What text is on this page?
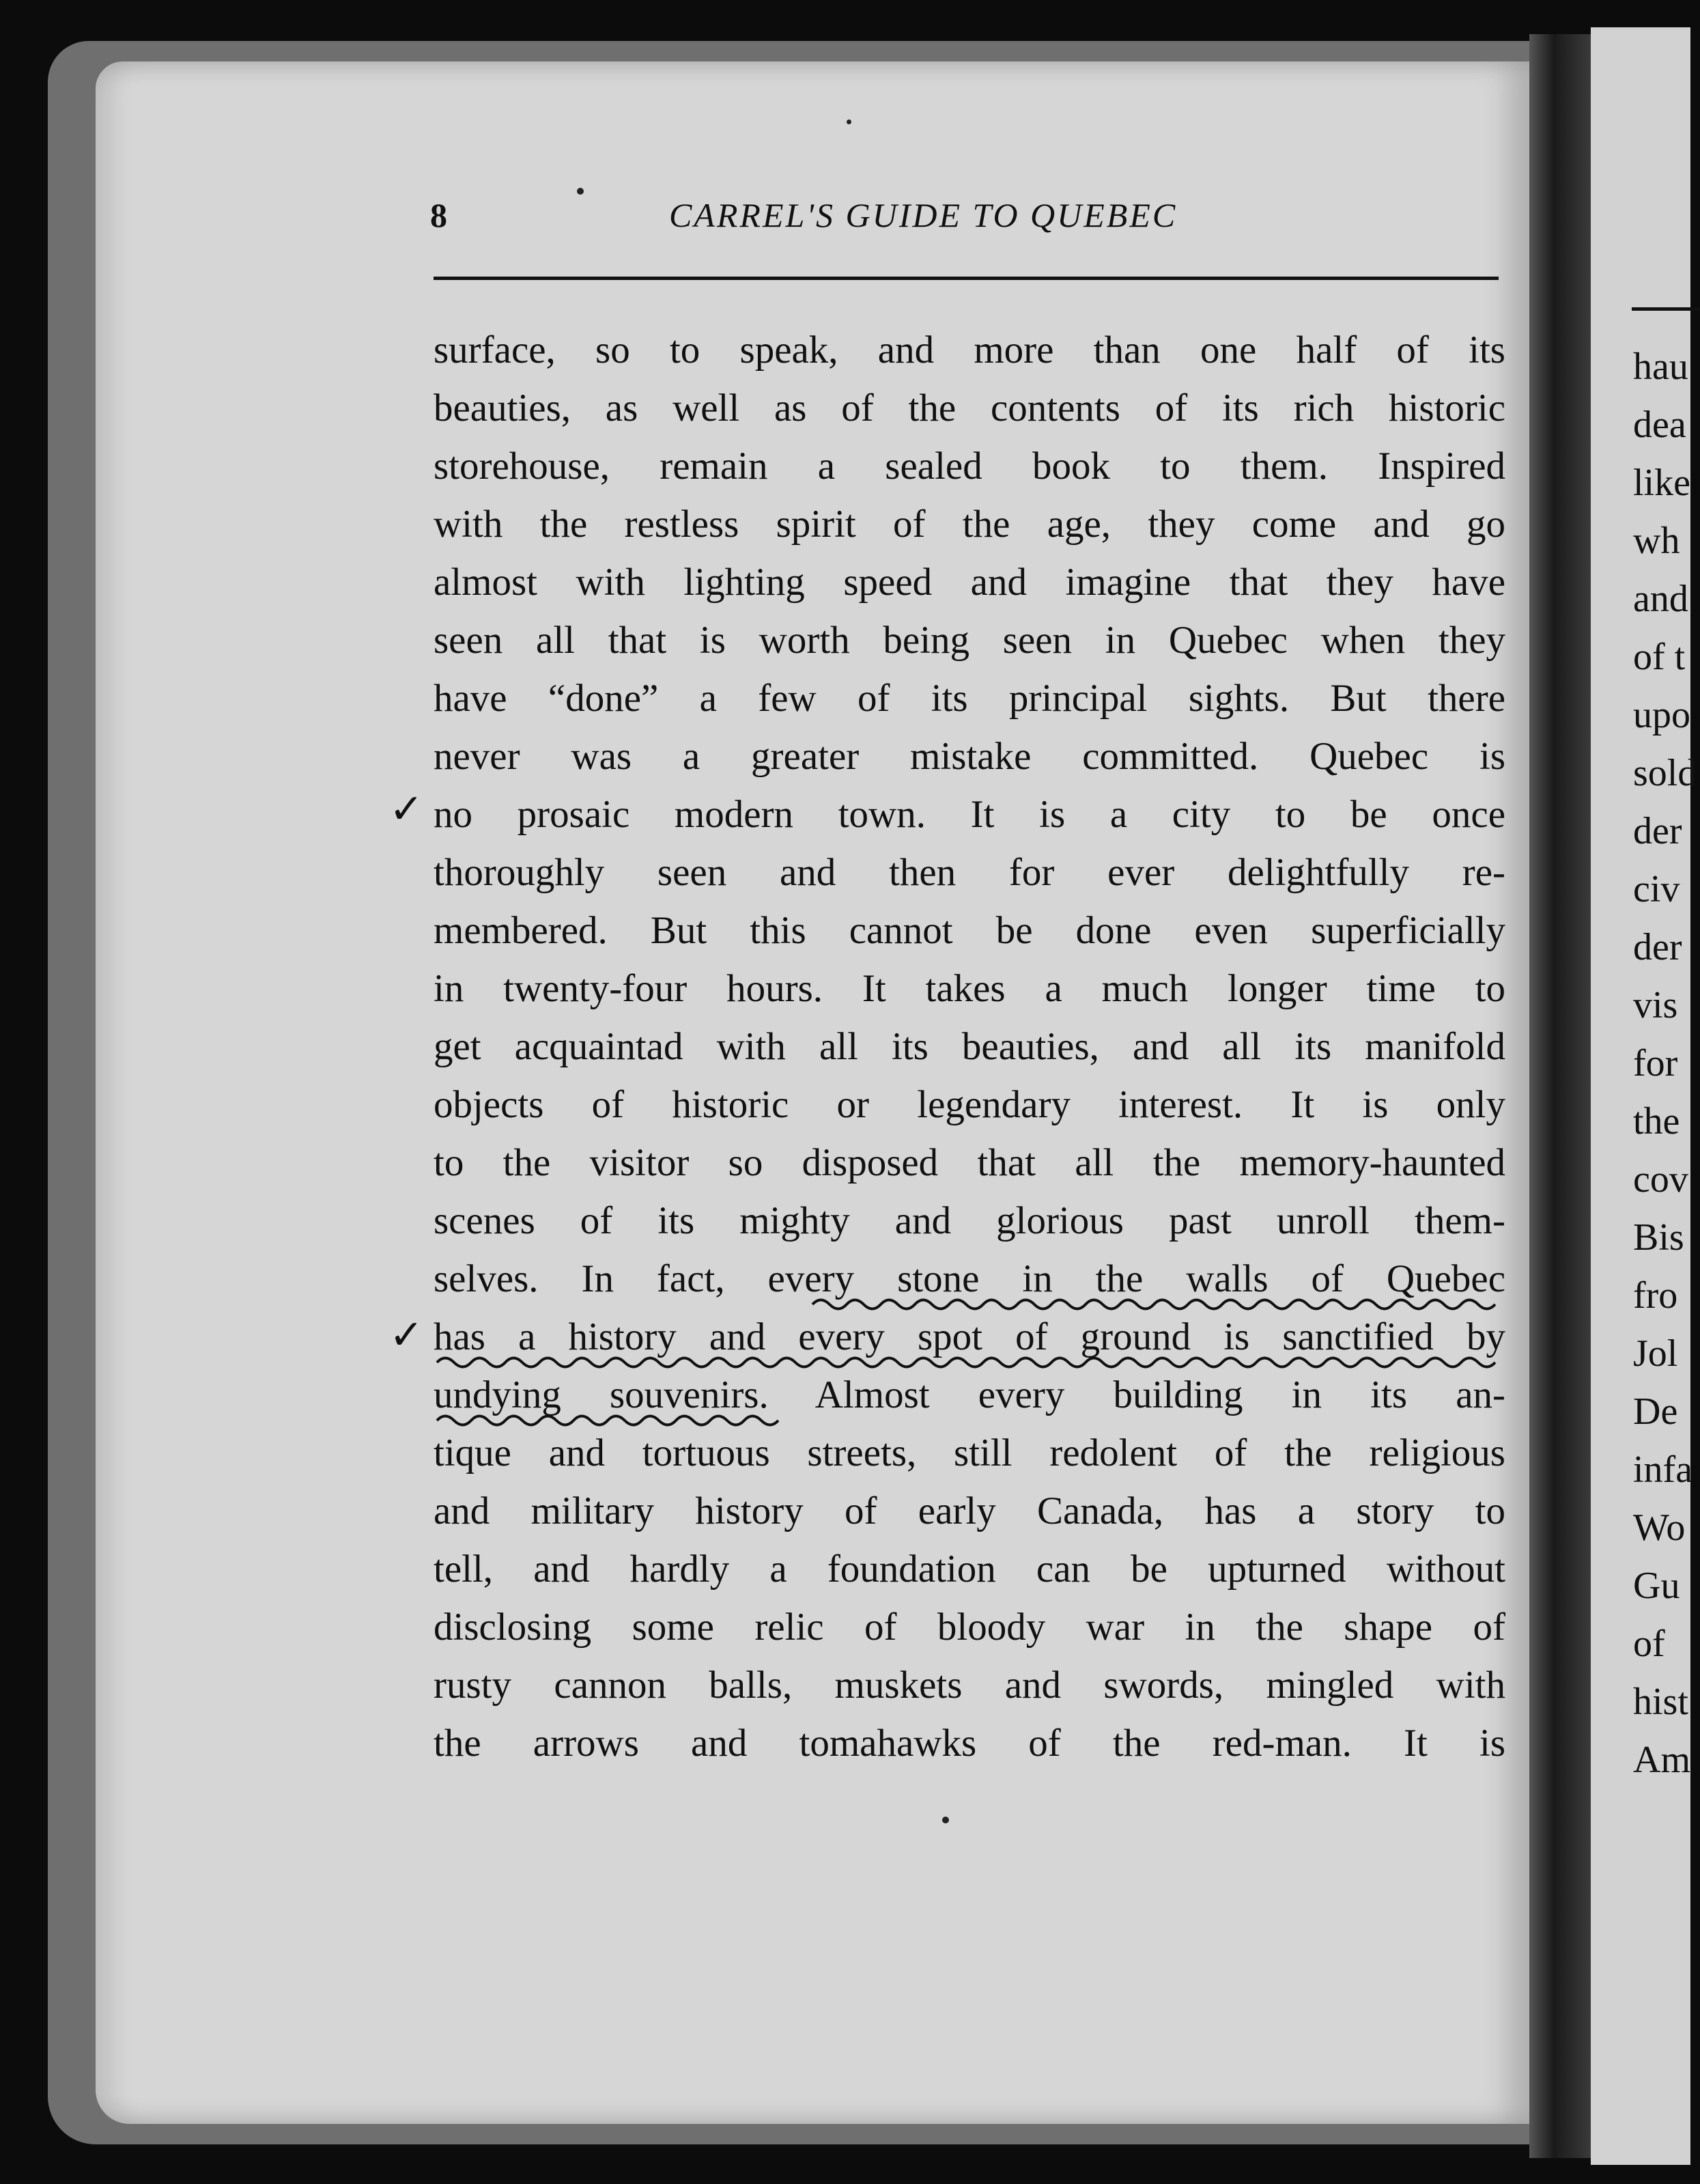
hau
dea
like
wh
and
of t
upo
sold
der
civ
der
vis
for
the
cov
Bis
fro
Jol
De
infa
Wo
Gu
of
hist
Am
8	CARREL'S GUIDE TO QUEBEC
surface, so to speak, and more than one half of its
beauties, as well as of the contents of its rich historic
storehouse, remain a sealed book to them. Inspired
with the restless spirit of the age, they come and go
almost with lighting speed and imagine that they have
seen all that is worth being seen in Quebec when they
have “done” a few of its principal sights. But there
never was a greater mistake committed. Quebec is
no prosaic modern town. It is a city to be once
thoroughly seen and then for ever delightfully re-
membered. But this cannot be done even superficially
in twenty-four hours. It takes a much longer time to
get acquaintad with all its beauties, and all its manifold
objects of historic or legendary interest. It is only
to the visitor so disposed that all the memory-haunted
scenes of its mighty and glorious past unroll them-
selves. In fact, every stone in the walls of Quebec
has a history and every spot of ground is sanctified by
undying souvenirs. Almost every building in its an-
tique and tortuous streets, still redolent of the religious
and military history of early Canada, has a story to
tell, and hardly a foundation can be upturned without
disclosing some relic of bloody war in the shape of
rusty cannon balls, muskets and swords, mingled with
the arrows and tomahawks of the red-man. It is
✓
✓
